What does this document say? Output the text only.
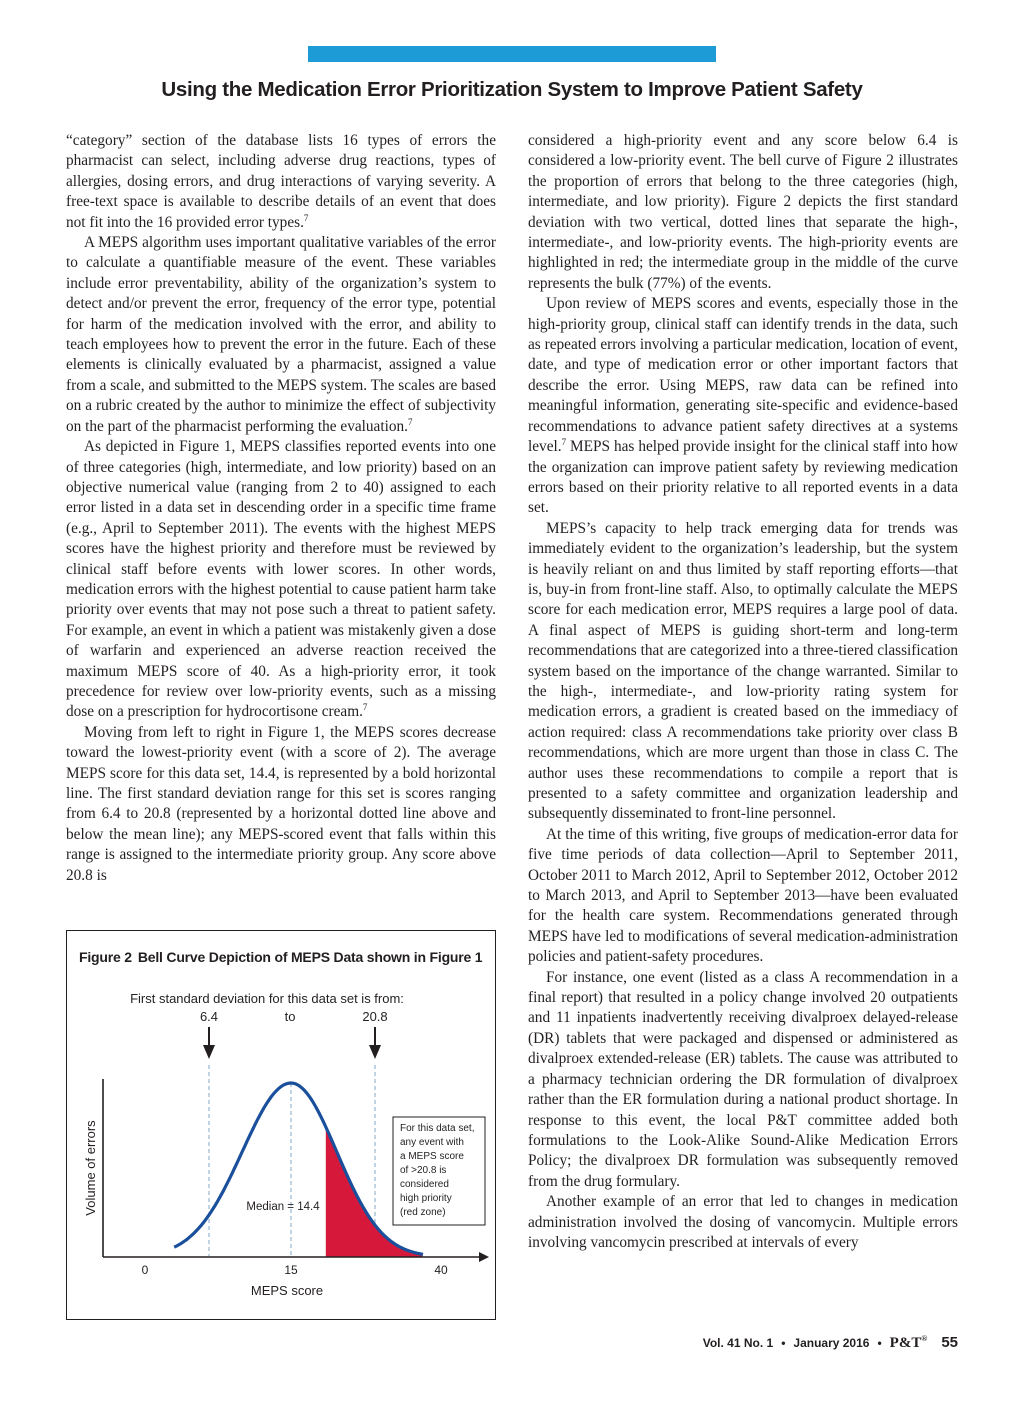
Using the Medication Error Prioritization System to Improve Patient Safety

“category” section of the database lists 16 types of errors the pharmacist can select, including adverse drug reactions, types of allergies, dosing errors, and drug interactions of varying severity. A free-text space is available to describe details of an event that does not fit into the 16 provided error types.$^7$

A MEPS algorithm uses important qualitative variables of the error to calculate a quantifiable measure of the event. These variables include error preventability, ability of the organization’s system to detect and/or prevent the error, frequency of the error type, potential for harm of the medication involved with the error, and ability to teach employees how to prevent the error in the future. Each of these elements is clinically evaluated by a pharmacist, assigned a value from a scale, and submitted to the MEPS system. The scales are based on a rubric created by the author to minimize the effect of subjectivity on the part of the pharmacist performing the evaluation.$^7$

As depicted in Figure 1, MEPS classifies reported events into one of three categories (high, intermediate, and low priority) based on an objective numerical value (ranging from 2 to 40) assigned to each error listed in a data set in descending order in a specific time frame (e.g., April to September 2011). The events with the highest MEPS scores have the highest priority and therefore must be reviewed by clinical staff before events with lower scores. In other words, medication errors with the highest potential to cause patient harm take priority over events that may not pose such a threat to patient safety. For example, an event in which a patient was mistakenly given a dose of warfarin and experienced an adverse reaction received the maximum MEPS score of 40. As a high-priority error, it took precedence for review over low-priority events, such as a missing dose on a prescription for hydrocortisone cream.$^7$

Moving from left to right in Figure 1, the MEPS scores decrease toward the lowest-priority event (with a score of 2). The average MEPS score for this data set, 14.4, is represented by a bold horizontal line. The first standard deviation range for this set is scores ranging from 6.4 to 20.8 (represented by a horizontal dotted line above and below the mean line); any MEPS-scored event that falls within this range is assigned to the intermediate priority group. Any score above 20.8 is

considered a high-priority event and any score below 6.4 is considered a low-priority event. The bell curve of Figure 2 illustrates the proportion of errors that belong to the three categories (high, intermediate, and low priority). Figure 2 depicts the first standard deviation with two vertical, dotted lines that separate the high-, intermediate-, and low-priority events. The high-priority events are highlighted in red; the intermediate group in the middle of the curve represents the bulk (77%) of the events.

Upon review of MEPS scores and events, especially those in the high-priority group, clinical staff can identify trends in the data, such as repeated errors involving a particular medication, location of event, date, and type of medication error or other important factors that describe the error. Using MEPS, raw data can be refined into meaningful information, generating site-specific and evidence-based recommendations to advance patient safety directives at a systems level.$^7$ MEPS has helped provide insight for the clinical staff into how the organization can improve patient safety by reviewing medication errors based on their priority relative to all reported events in a data set.

MEPS’s capacity to help track emerging data for trends was immediately evident to the organization’s leadership, but the system is heavily reliant on and thus limited by staff reporting efforts—that is, buy-in from front-line staff. Also, to optimally calculate the MEPS score for each medication error, MEPS requires a large pool of data. A final aspect of MEPS is guiding short-term and long-term recommendations that are categorized into a three-tiered classification system based on the importance of the change warranted. Similar to the high-, intermediate-, and low-priority rating system for medication errors, a gradient is created based on the immediacy of action required: class A recommendations take priority over class B recommendations, which are more urgent than those in class C. The author uses these recommendations to compile a report that is presented to a safety committee and organization leadership and subsequently disseminated to front-line personnel.

At the time of this writing, five groups of medication-error data for five time periods of data collection—April to September 2011, October 2011 to March 2012, April to September 2012, October 2012 to March 2013, and April to September 2013—have been evaluated for the health care system. Recommendations generated through MEPS have led to modifications of several medication-administration policies and patient-safety procedures.

For instance, one event (listed as a class A recommendation in a final report) that resulted in a policy change involved 20 outpatients and 11 inpatients inadvertently receiving divalproex delayed-release (DR) tablets that were packaged and dispensed or administered as divalproex extended-release (ER) tablets. The cause was attributed to a pharmacy technician ordering the DR formulation of divalproex rather than the ER formulation during a national product shortage. In response to this event, the local P&T committee added both formulations to the Look-Alike Sound-Alike Medication Errors Policy; the divalproex DR formulation was subsequently removed from the drug formulary.

Another example of an error that led to changes in medication administration involved the dosing of vancomycin. Multiple errors involving vancomycin prescribed at intervals of every

Figure 2 Bell Curve Depiction of MEPS Data shown in Figure 1
First standard deviation for this data set is from:
6.4	to	20.8
Volume of errors
0	15	40
MEPS score
Median = 14.4
For this data set,
any event with
a MEPS score
of >20.8 is
considered
high priority
(red zone)
Vol. 41 No. 1 • January 2016 • P&T® 55
